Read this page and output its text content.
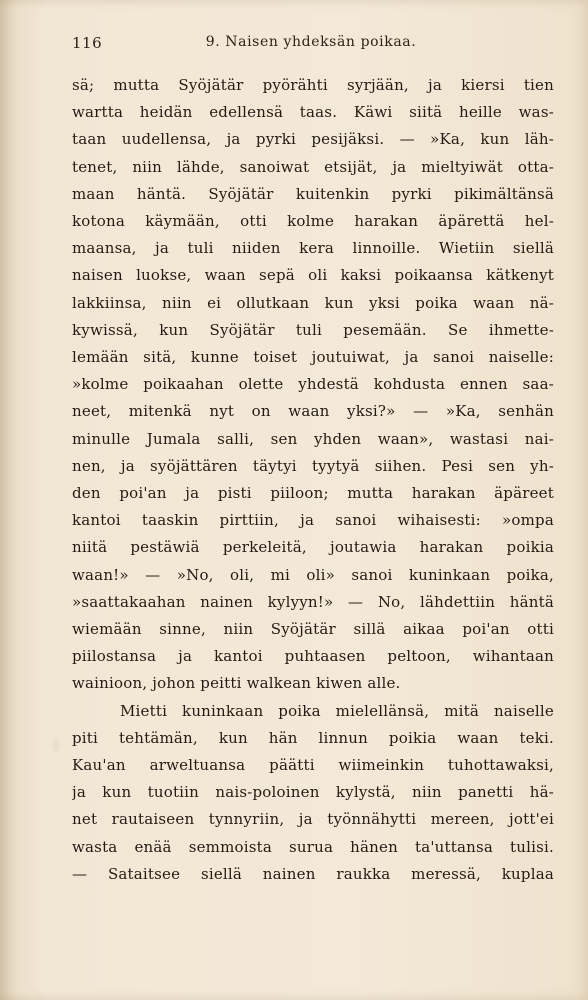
116	9. Naisen yhdeksän poikaa.
sä; mutta Syöjätär pyörähti syrjään, ja kiersi tien
wartta heidän edellensä taas. Käwi siitä heille was-
taan uudellensa, ja pyrki pesijäksi. — »Ka, kun läh-
tenet, niin lähde, sanoiwat etsijät, ja mieltyiwät otta-
maan häntä. Syöjätär kuitenkin pyrki pikimältänsä
kotona käymään, otti kolme harakan äpärettä hel-
maansa, ja tuli niiden kera linnoille. Wietiin siellä
naisen luokse, waan sepä oli kaksi poikaansa kätkenyt
lakkiinsa, niin ei ollutkaan kun yksi poika waan nä-
kywissä, kun Syöjätär tuli pesemään. Se ihmette-
lemään sitä, kunne toiset joutuiwat, ja sanoi naiselle:
»kolme poikaahan olette yhdestä kohdusta ennen saa-
neet, mitenkä nyt on waan yksi?» — »Ka, senhän
minulle Jumala salli, sen yhden waan», wastasi nai-
nen, ja syöjättären täytyi tyytyä siihen. Pesi sen yh-
den poi'an ja pisti piiloon; mutta harakan äpäreet
kantoi taaskin pirttiin, ja sanoi wihaisesti: »ompa
niitä pestäwiä perkeleitä, joutawia harakan poikia
waan!» — »No, oli, mi oli» sanoi kuninkaan poika,
»saattakaahan nainen kylyyn!» — No, lähdettiin häntä
wiemään sinne, niin Syöjätär sillä aikaa poi'an otti
piilostansa ja kantoi puhtaasen peltoon, wihantaan
wainioon, johon peitti walkean kiwen alle.
Mietti kuninkaan poika mielellänsä, mitä naiselle
piti tehtämän, kun hän linnun poikia waan teki.
Kau'an arweltuansa päätti wiimeinkin tuhottawaksi,
ja kun tuotiin nais-poloinen kylystä, niin panetti hä-
net rautaiseen tynnyriin, ja työnnähytti mereen, jott'ei
wasta enää semmoista surua hänen ta'uttansa tulisi.
— Sataitsee siellä nainen raukka meressä, kuplaa
